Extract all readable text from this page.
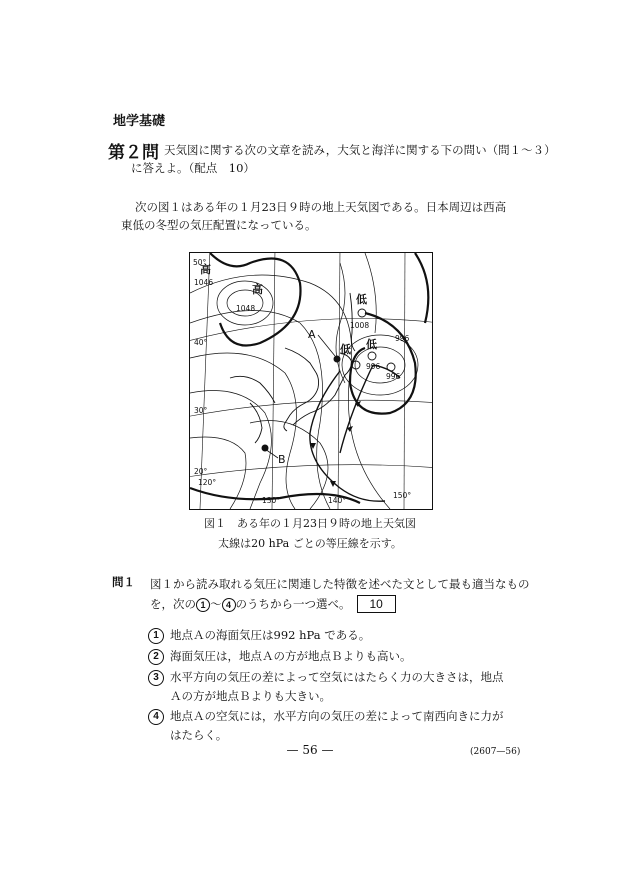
地学基礎
第２問 天気図に関する次の文章を読み，大気と海洋に関する下の問い（問１～３）
に答えよ。（配点　10）
次の図１はある年の１月23日９時の地上天気図である。日本周辺は西高東低の冬型の気圧配置になっている。
高
1046
高
1048
低
1008
低 低 996
996
996
A
B
40°
50°
30°
20°
120°
130°	140°
150°
図１　ある年の１月23日９時の地上天気図
太線は20 hPa ごとの等圧線を示す。
問１ 図１から読み取れる気圧に関連した特徴を述べた文として最も適当なもの
を，次の 1 ～ 4 のうちから一つ選べ。 10
1 地点Ａの海面気圧は992 hPa である。
2 海面気圧は，地点Ａの方が地点Ｂよりも高い。
3 水平方向の気圧の差によって空気にはたらく力の大きさは，地点Ａの方が地点Ｂよりも大きい。
4 地点Ａの空気には，水平方向の気圧の差によって南西向きに力がはたらく。
— 56 —	(2607—56)
